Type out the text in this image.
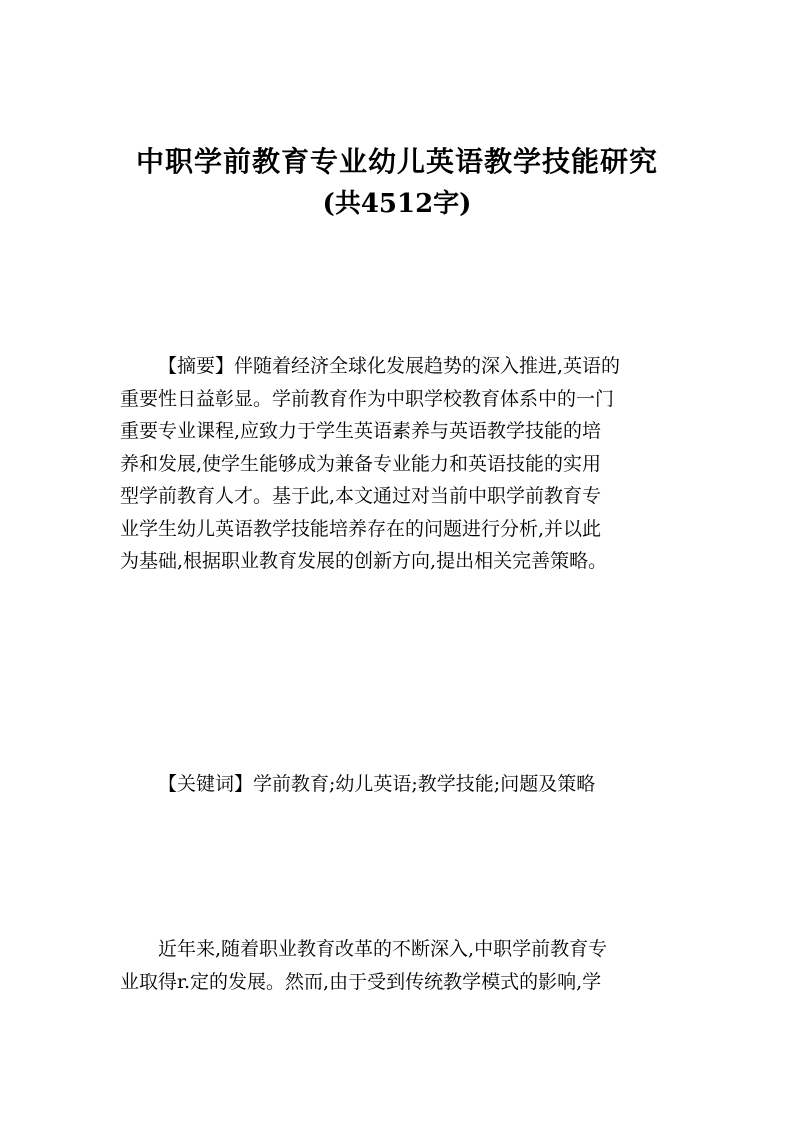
中职学前教育专业幼儿英语教学技能研究

(共4512字)

【摘要】伴随着经济全球化发展趋势的深入推进,英语的
重要性日益彰显。学前教育作为中职学校教育体系中的一门
重要专业课程,应致力于学生英语素养与英语教学技能的培
养和发展,使学生能够成为兼备专业能力和英语技能的实用
型学前教育人才。基于此,本文通过对当前中职学前教育专
业学生幼儿英语教学技能培养存在的问题进行分析,并以此
为基础,根据职业教育发展的创新方向,提出相关完善策略。
【关键词】学前教育;幼儿英语;教学技能;问题及策略
近年来,随着职业教育改革的不断深入,中职学前教育专
业取得r.定的发展。然而,由于受到传统教学模式的影响,学
